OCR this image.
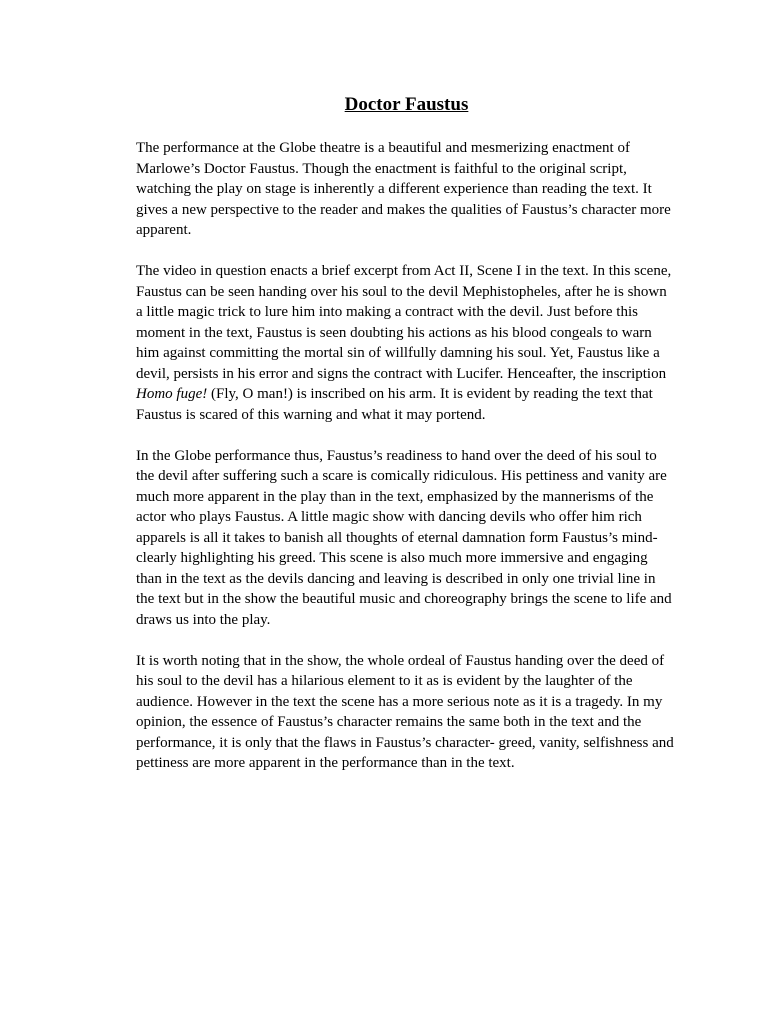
Doctor Faustus

The performance at the Globe theatre is a beautiful and mesmerizing enactment of Marlowe’s Doctor Faustus. Though the enactment is faithful to the original script, watching the play on stage is inherently a different experience than reading the text. It gives a new perspective to the reader and makes the qualities of Faustus’s character more apparent.

The video in question enacts a brief excerpt from Act II, Scene I in the text. In this scene, Faustus can be seen handing over his soul to the devil Mephistopheles, after he is shown a little magic trick to lure him into making a contract with the devil. Just before this moment in the text, Faustus is seen doubting his actions as his blood congeals to warn him against committing the mortal sin of willfully damning his soul. Yet, Faustus like a devil, persists in his error and signs the contract with Lucifer. Henceafter, the inscription Homo fuge! (Fly, O man!) is inscribed on his arm. It is evident by reading the text that Faustus is scared of this warning and what it may portend.

In the Globe performance thus, Faustus’s readiness to hand over the deed of his soul to the devil after suffering such a scare is comically ridiculous. His pettiness and vanity are much more apparent in the play than in the text, emphasized by the mannerisms of the actor who plays Faustus. A little magic show with dancing devils who offer him rich apparels is all it takes to banish all thoughts of eternal damnation form Faustus’s mind- clearly highlighting his greed. This scene is also much more immersive and engaging than in the text as the devils dancing and leaving is described in only one trivial line in the text but in the show the beautiful music and choreography brings the scene to life and draws us into the play.

It is worth noting that in the show, the whole ordeal of Faustus handing over the deed of his soul to the devil has a hilarious element to it as is evident by the laughter of the audience. However in the text the scene has a more serious note as it is a tragedy. In my opinion, the essence of Faustus’s character remains the same both in the text and the performance, it is only that the flaws in Faustus’s character- greed, vanity, selfishness and pettiness are more apparent in the performance than in the text.
